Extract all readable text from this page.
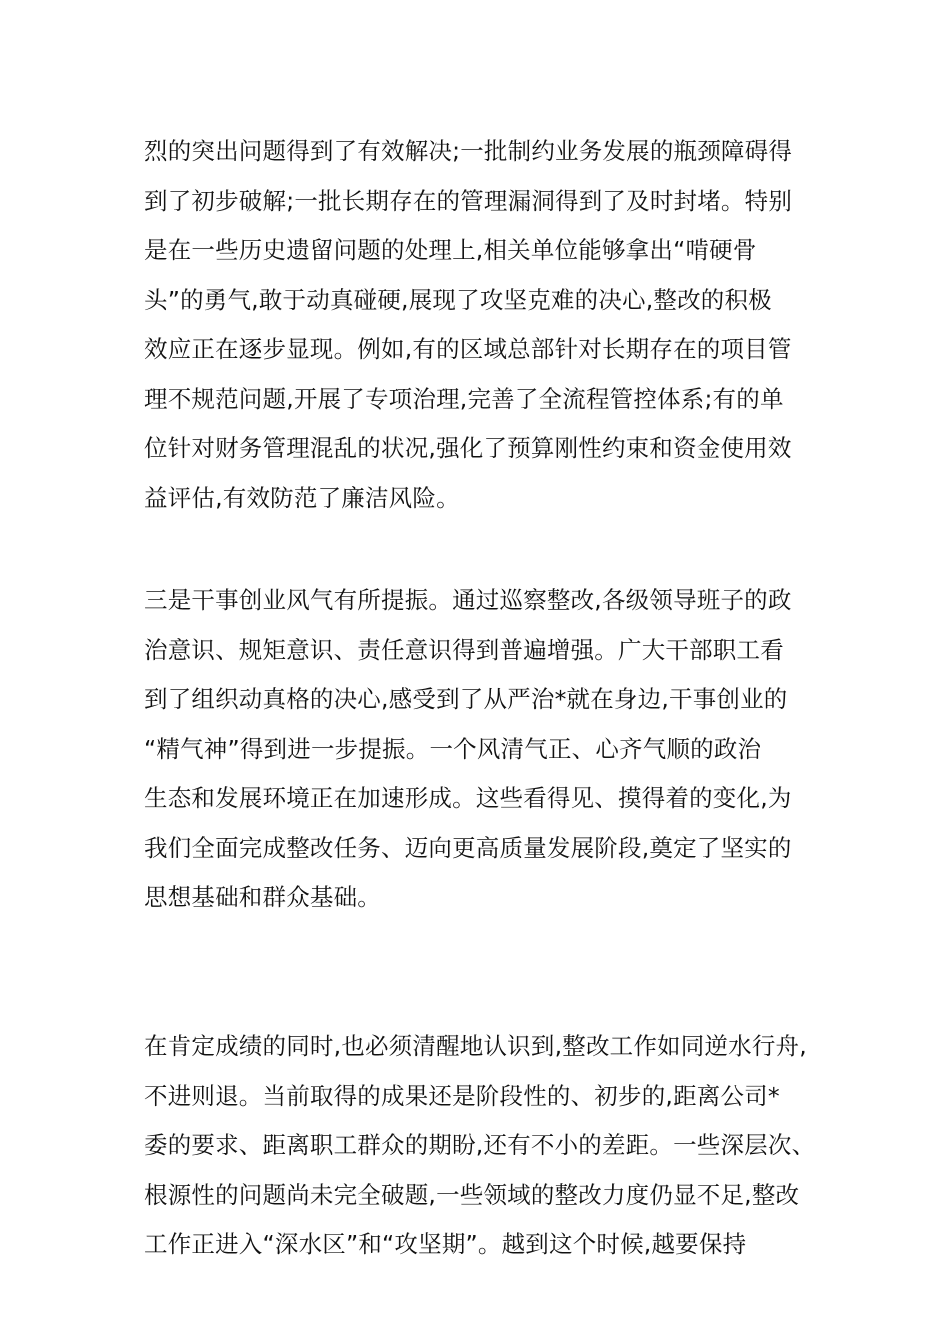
烈的突出问题得到了有效解决;一批制约业务发展的瓶颈障碍得
到了初步破解;一批长期存在的管理漏洞得到了及时封堵。特别
是在一些历史遗留问题的处理上,相关单位能够拿出“啃硬骨
头”的勇气,敢于动真碰硬,展现了攻坚克难的决心,整改的积极
效应正在逐步显现。例如,有的区域总部针对长期存在的项目管
理不规范问题,开展了专项治理,完善了全流程管控体系;有的单
位针对财务管理混乱的状况,强化了预算刚性约束和资金使用效
益评估,有效防范了廉洁风险。
三是干事创业风气有所提振。通过巡察整改,各级领导班子的政
治意识、规矩意识、责任意识得到普遍增强。广大干部职工看
到了组织动真格的决心,感受到了从严治*就在身边,干事创业的
“精气神”得到进一步提振。一个风清气正、心齐气顺的政治
生态和发展环境正在加速形成。这些看得见、摸得着的变化,为
我们全面完成整改任务、迈向更高质量发展阶段,奠定了坚实的
思想基础和群众基础。
在肯定成绩的同时,也必须清醒地认识到,整改工作如同逆水行舟,
不进则退。当前取得的成果还是阶段性的、初步的,距离公司*
委的要求、距离职工群众的期盼,还有不小的差距。一些深层次、
根源性的问题尚未完全破题,一些领域的整改力度仍显不足,整改
工作正进入“深水区”和“攻坚期”。越到这个时候,越要保持
